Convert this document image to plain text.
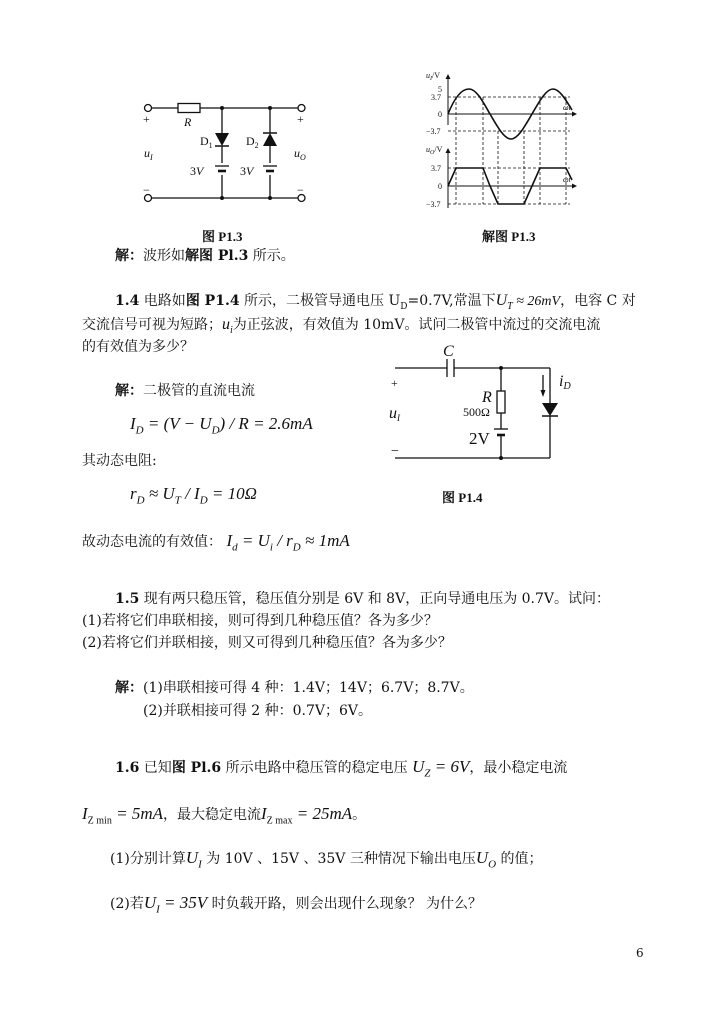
R
+	+
−	−
$D_1$	$D_2$
$u_I$	$u_O$
3V	3V
$u_I/V$
5
3.7
0
−3.7
ωt
$u_O/V$
3.7
0
−3.7
ωt
图 P1.3	解图 P1.3
解：波形如解图 Pl.3 所示。
1.4 电路如图 P1.4 所示，二极管导通电压 $U_D=0.7V$,常温下$U_T \approx 26mV$，电容 C 对
交流信号可视为短路；$u_i$为正弦波，有效值为 10mV。试问二极管中流过的交流电流
的有效值为多少？
解：二极管的直流电流
$I_D = (V - U_D) / R = 2.6mA$
其动态电阻:
$r_D \approx U_T / I_D = 10\Omega$
故动态电流的有效值： $I_d = U_i / r_D \approx 1mA$
C
R
500Ω
2V
iD
uI
+
−
图 P1.4
1.5 现有两只稳压管，稳压值分别是 6V 和 8V，正向导通电压为 0.7V。试问：
(1)若将它们串联相接，则可得到几种稳压值？各为多少？
(2)若将它们并联相接，则又可得到几种稳压值？各为多少？
解：(1)串联相接可得 4 种：1.4V；14V；6.7V；8.7V。
(2)并联相接可得 2 种：0.7V；6V。
1.6 已知图 Pl.6 所示电路中稳压管的稳定电压 $U_Z = 6V$，最小稳定电流
$I_{Z min} = 5mA$，最大稳定电流$I_{Z max} = 25mA$。
(1)分别计算$U_I$ 为 10V 、15V 、35V 三种情况下输出电压$U_O$ 的值；
(2)若$U_I = 35V$ 时负载开路，则会出现什么现象？ 为什么？
6
